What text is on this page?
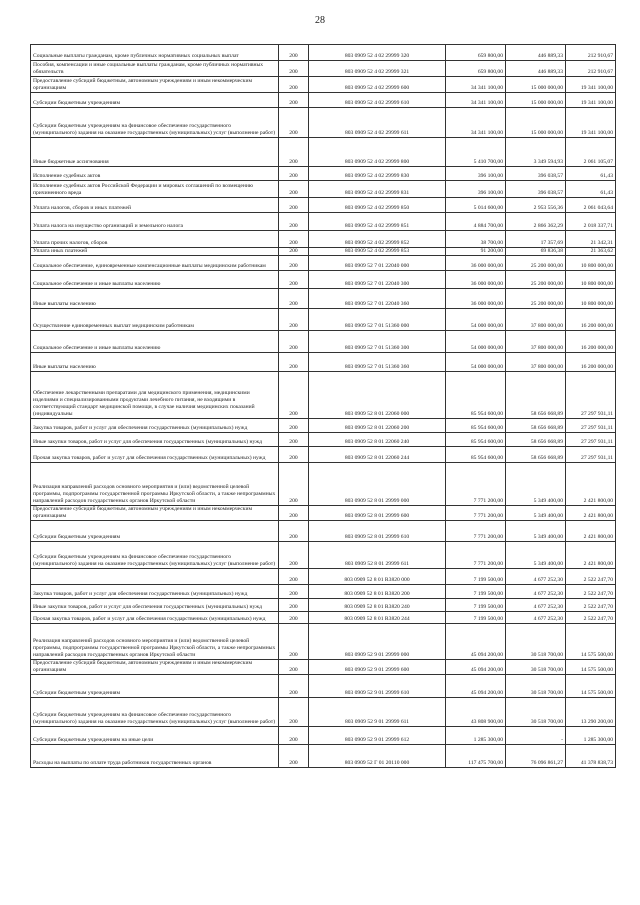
28
Социальные выплаты гражданам, кроме публичных нормативных социальных выплат	200	803 0909 52 4 02 29999 320	659 800,00	446 889,33	212 910,67
Пособия, компенсации и иные социальные выплаты гражданам, кроме публичных нормативных обязательств	200	803 0909 52 4 02 29999 321	659 800,00	446 889,33	212 910,67
Предоставление субсидий бюджетным, автономным учреждениям и иным некоммерческим организациям	200	803 0909 52 4 02 29999 600	34 341 100,00	15 000 000,00	19 341 100,00
Субсидии бюджетным учреждениям	200	803 0909 52 4 02 29999 610	34 341 100,00	15 000 000,00	19 341 100,00
Субсидии бюджетным учреждениям на финансовое обеспечение государственного (муниципального) задания на оказание государственных (муниципальных) услуг (выполнение работ)	200	803 0909 52 4 02 29999 611	34 341 100,00	15 000 000,00	19 341 100,00
Иные бюджетные ассигнования	200	803 0909 52 4 02 29999 800	5 410 700,00	3 349 594,93	2 061 105,07
Исполнение судебных актов	200	803 0909 52 4 02 29999 830	396 100,00	396 038,57	61,43
Исполнение судебных актов Российской Федерации и мировых соглашений по возмещению причиненного вреда	200	803 0909 52 4 02 29999 831	396 100,00	396 038,57	61,43
Уплата налогов, сборов и иных платежей	200	803 0909 52 4 02 29999 850	5 014 600,00	2 953 556,36	2 061 043,64
Уплата налога на имущество организаций и земельного налога	200	803 0909 52 4 02 29999 851	4 884 700,00	2 866 362,29	2 018 337,71
Уплата прочих налогов, сборов	200	803 0909 52 4 02 29999 852	38 700,00	17 357,69	21 342,31
Уплата иных платежей	200	803 0909 52 4 02 29999 853	91 200,00	69 836,38	21 363,62
Социальное обеспечение, единовременные компенсационные выплаты медицинским работникам	200	803 0909 52 7 01 22040 000	36 000 000,00	25 200 000,00	10 800 000,00
Социальное обеспечение и иные выплаты населению	200	803 0909 52 7 01 22040 300	36 000 000,00	25 200 000,00	10 800 000,00
Иные выплаты населению	200	803 0909 52 7 01 22040 360	36 000 000,00	25 200 000,00	10 800 000,00
Осуществление единовременных выплат медицинским работникам	200	803 0909 52 7 01 51360 000	54 000 000,00	37 800 000,00	16 200 000,00
Социальное обеспечение и иные выплаты населению	200	803 0909 52 7 01 51360 300	54 000 000,00	37 800 000,00	16 200 000,00
Иные выплаты населению	200	803 0909 52 7 01 51360 360	54 000 000,00	37 800 000,00	16 200 000,00
Обеспечение лекарственными препаратами для медицинского применения, медицинскими изделиями и специализированными продуктами лечебного питания, не входящими в соответствующий стандарт медицинской помощи, в случае наличия медицинских показаний (индивидуальны	200	803 0909 52 8 01 22060 000	85 954 600,00	58 656 668,89	27 297 931,11
Закупка товаров, работ и услуг для обеспечения государственных (муниципальных) нужд	200	803 0909 52 8 01 22060 200	85 954 600,00	58 656 668,89	27 297 931,11
Иные закупки товаров, работ и услуг для обеспечения государственных (муниципальных) нужд	200	803 0909 52 8 01 22060 240	85 954 600,00	58 656 668,89	27 297 931,11
Прочая закупка товаров, работ и услуг для обеспечения государственных (муниципальных) нужд	200	803 0909 52 8 01 22060 244	85 954 600,00	58 656 668,89	27 297 931,11
Реализация направлений расходов основного мероприятия и (или) ведомственной целевой программы, подпрограммы государственной программы Иркутской области, а также непрограммных направлений расходов государственных органов Иркутской области	200	803 0909 52 8 01 29999 000	7 771 200,00	5 349 400,00	2 421 800,00
Предоставление субсидий бюджетным, автономным учреждениям и иным некоммерческим организациям	200	803 0909 52 8 01 29999 600	7 771 200,00	5 349 400,00	2 421 800,00
Субсидии бюджетным учреждениям	200	803 0909 52 8 01 29999 610	7 771 200,00	5 349 400,00	2 421 800,00
Субсидии бюджетным учреждениям на финансовое обеспечение государственного (муниципального) задания на оказание государственных (муниципальных) услуг (выполнение работ)	200	803 0909 52 8 01 29999 611	7 771 200,00	5 349 400,00	2 421 800,00
	200	803 0909 52 8 01 R3820 000	7 199 500,00	4 677 252,30	2 522 247,70
Закупка товаров, работ и услуг для обеспечения государственных (муниципальных) нужд	200	803 0909 52 8 01 R3820 200	7 199 500,00	4 677 252,30	2 522 247,70
Иные закупки товаров, работ и услуг для обеспечения государственных (муниципальных) нужд	200	803 0909 52 8 01 R3820 240	7 199 500,00	4 677 252,30	2 522 247,70
Прочая закупка товаров, работ и услуг для обеспечения государственных (муниципальных) нужд	200	803 0909 52 8 01 R3820 244	7 199 500,00	4 677 252,30	2 522 247,70
Реализация направлений расходов основного мероприятия и (или) ведомственной целевой программы, подпрограммы государственной программы Иркутской области, а также непрограммных направлений расходов государственных органов Иркутской области	200	803 0909 52 9 01 29999 000	45 094 200,00	30 518 700,00	14 575 500,00
Предоставление субсидий бюджетным, автономным учреждениям и иным некоммерческим организациям	200	803 0909 52 9 01 29999 600	45 094 200,00	30 518 700,00	14 575 500,00
Субсидии бюджетным учреждениям	200	803 0909 52 9 01 29999 610	45 094 200,00	30 518 700,00	14 575 500,00
Субсидии бюджетным учреждениям на финансовое обеспечение государственного (муниципального) задания на оказание государственных (муниципальных) услуг (выполнение работ)	200	803 0909 52 9 01 29999 611	43 808 900,00	30 518 700,00	13 290 200,00
Субсидии бюджетным учреждениям на иные цели	200	803 0909 52 9 01 29999 612	1 285 300,00	-	1 285 300,00
Расходы на выплаты по оплате труда работников государственных органов	200	803 0909 52 Г 01 20110 000	117 475 700,00	76 096 861,27	41 378 838,73
